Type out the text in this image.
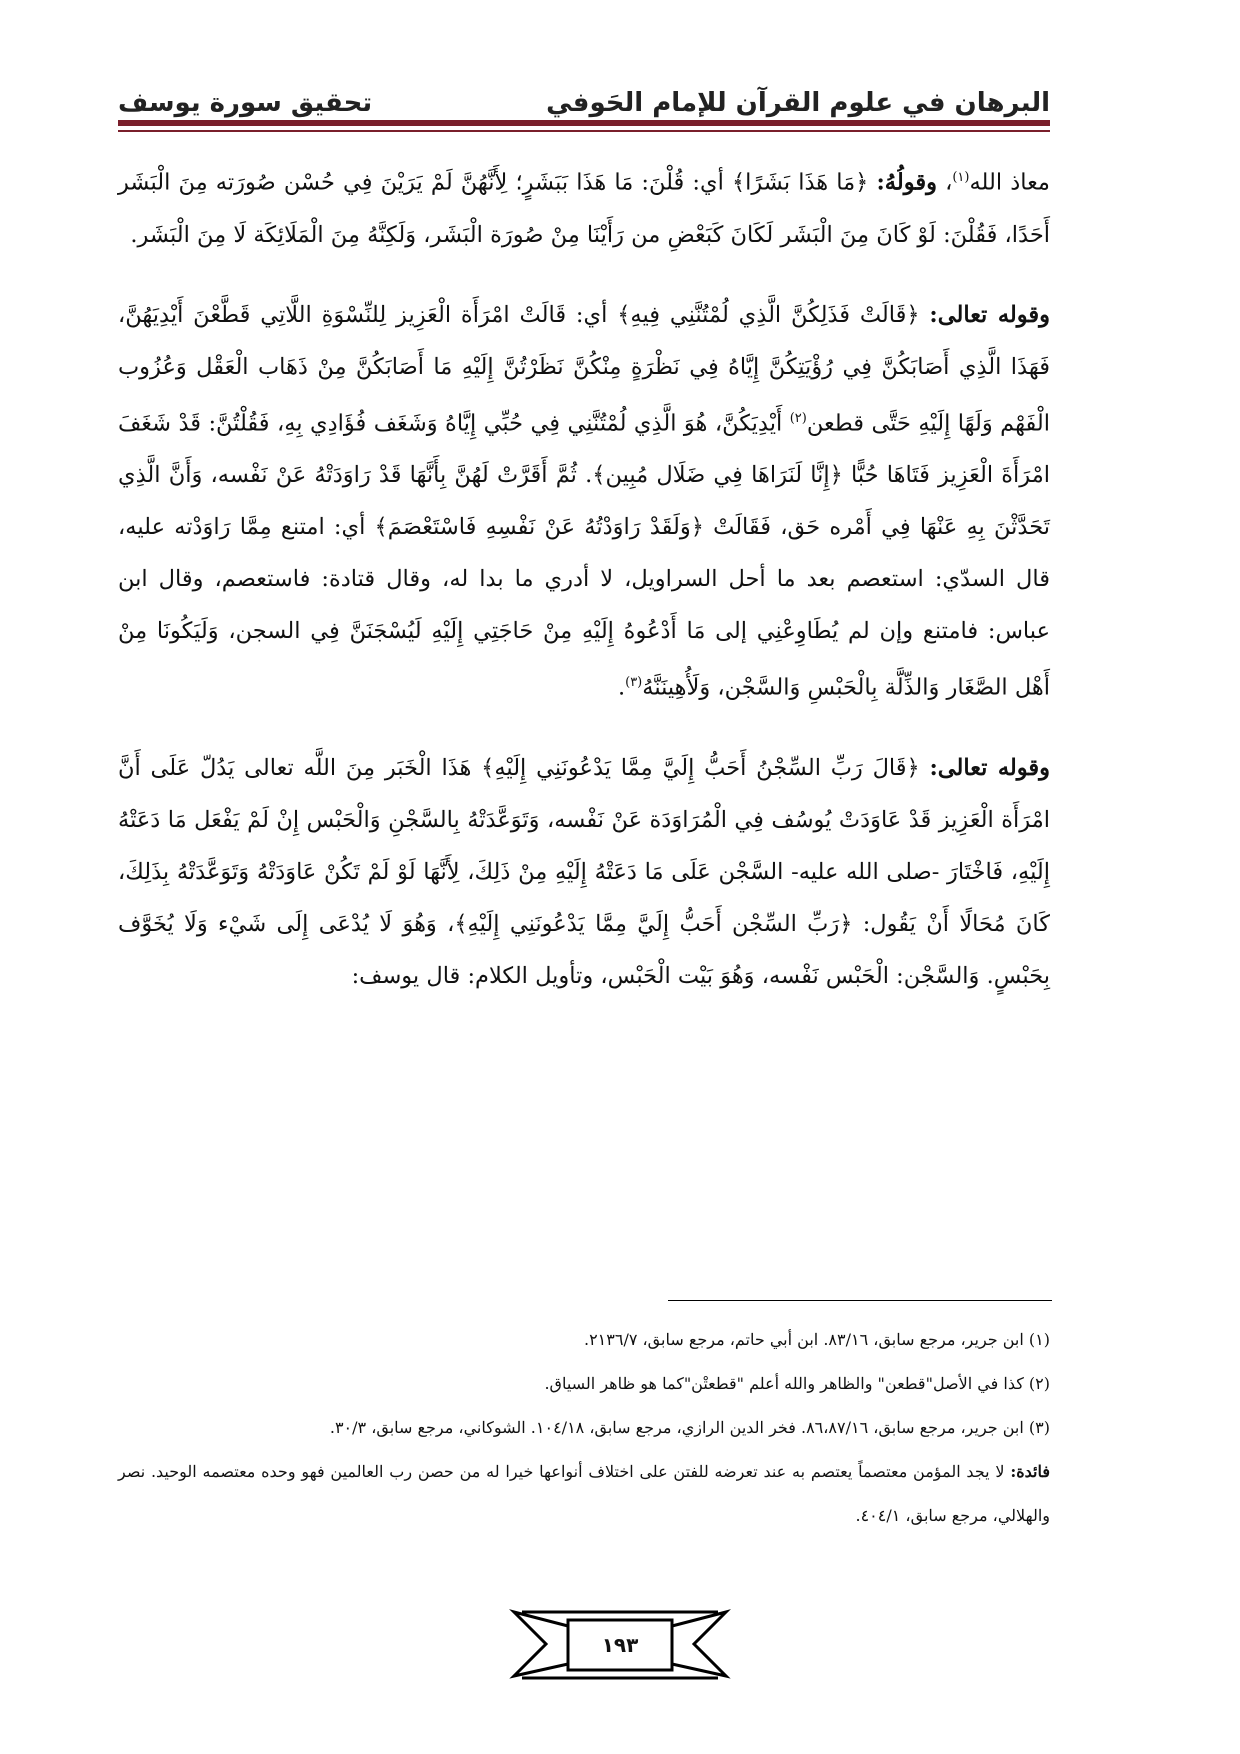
البرهان في علوم القرآن للإمام الحَوفي
تحقيق سورة يوسف

معاذ الله$^{(١)}$، وقولُهُ: ﴿مَا هَذَا بَشَرًا﴾ أي: قُلْنَ: مَا هَذَا بَبَشَرٍ؛ لِأَنَّهُنَّ لَمْ يَرَيْنَ فِي حُسْن صُورَته مِنَ الْبَشَر أَحَدًا، فَقُلْنَ: لَوْ كَانَ مِنَ الْبَشَر لَكَانَ كَبَعْضِ من رَأَيْنَا مِنْ صُورَة الْبَشَر، وَلَكِنَّهُ مِنَ الْمَلَائِكَة لَا مِنَ الْبَشَر.

وقوله تعالى: ﴿قَالَتْ فَذَلِكُنَّ الَّذِي لُمْتُنَّنِي فِيهِ﴾ أي: قَالَتْ امْرَأَة الْعَزِيز لِلنِّسْوَةِ اللَّاتِي قَطَّعْنَ أَيْدِيَهُنَّ، فَهَذَا الَّذِي أَصَابَكُنَّ فِي رُؤْيَتِكُنَّ إِيَّاهُ فِي نَظْرَةٍ مِنْكُنَّ نَظَرْتُنَّ إِلَيْهِ مَا أَصَابَكُنَّ مِنْ ذَهَاب الْعَقْل وَعُزُوب الْفَهْم وَلَهًا إِلَيْهِ حَتَّى قطعن$^{(٢)}$ أَيْدِيَكُنَّ، هُوَ الَّذِي لُمْتُنَّنِي فِي حُبِّي إِيَّاهُ وَشَغَف فُؤَادِي بِهِ، فَقُلْتُنَّ: قَدْ شَغَفَ امْرَأَةَ الْعَزِيز فَتَاهَا حُبًّا ﴿إِنَّا لَنَرَاهَا فِي ضَلَال مُبِين﴾. ثُمَّ أَقَرَّتْ لَهُنَّ بِأَنَّهَا قَدْ رَاوَدَتْهُ عَنْ نَفْسه، وَأَنَّ الَّذِي تَحَدَّثْنَ بِهِ عَنْهَا فِي أَمْره حَق، فَقَالَتْ ﴿وَلَقَدْ رَاوَدْتُهُ عَنْ نَفْسِهِ فَاسْتَعْصَمَ﴾ أي: امتنع مِمَّا رَاوَدْته عليه، قال السدّي: استعصم بعد ما أحل السراويل، لا أدري ما بدا له، وقال قتادة: فاستعصم، وقال ابن عباس: فامتنع وإن لم يُطَاوِعْنِي إلى مَا أَدْعُوهُ إِلَيْهِ مِنْ حَاجَتِي إِلَيْهِ لَيُسْجَنَنَّ فِي السجن، وَلَيَكُونَا مِنْ أَهْل الصَّغَار وَالذِّلَّة بِالْحَبْسِ وَالسَّجْن، وَلَأُهِينَنَّهُ$^{(٣)}$.

وقوله تعالى: ﴿قَالَ رَبِّ السِّجْنُ أَحَبُّ إِلَيَّ مِمَّا يَدْعُونَنِي إِلَيْهِ﴾ هَذَا الْخَبَر مِنَ اللَّه تعالى يَدُلّ عَلَى أَنَّ امْرَأَة الْعَزِيز قَدْ عَاوَدَتْ يُوسُف فِي الْمُرَاوَدَة عَنْ نَفْسه، وَتَوَعَّدَتْهُ بِالسَّجْنِ وَالْحَبْس إِنْ لَمْ يَفْعَل مَا دَعَتْهُ إِلَيْهِ، فَاخْتَارَ -صلى الله عليه- السَّجْن عَلَى مَا دَعَتْهُ إِلَيْهِ مِنْ ذَلِكَ، لِأَنَّهَا لَوْ لَمْ تَكُنْ عَاوَدَتْهُ وَتَوَعَّدَتْهُ بِذَلِكَ، كَانَ مُحَالًا أَنْ يَقُول: ﴿رَبِّ السِّجْن أَحَبُّ إِلَيَّ مِمَّا يَدْعُونَنِي إِلَيْهِ﴾، وَهُوَ لَا يُدْعَى إِلَى شَيْء وَلَا يُخَوَّف بِحَبْسٍ. وَالسَّجْن: الْحَبْس نَفْسه، وَهُوَ بَيْت الْحَبْس، وتأويل الكلام: قال يوسف:

(١) ابن جرير، مرجع سابق، ٨٣/١٦. ابن أبي حاتم، مرجع سابق، ٢١٣٦/٧.

(٢) كذا في الأصل"قطعن" والظاهر والله أعلم "قطعتْن"كما هو ظاهر السياق.

(٣) ابن جرير، مرجع سابق، ٨٦،٨٧/١٦. فخر الدين الرازي، مرجع سابق، ١٠٤/١٨. الشوكاني، مرجع سابق، ٣٠/٣.

فائدة: لا يجد المؤمن معتصماً يعتصم به عند تعرضه للفتن على اختلاف أنواعها خيرا له من حصن رب العالمين فهو وحده معتصمه الوحيد. نصر والهلالي، مرجع سابق، ٤٠٤/١.

١٩٣
